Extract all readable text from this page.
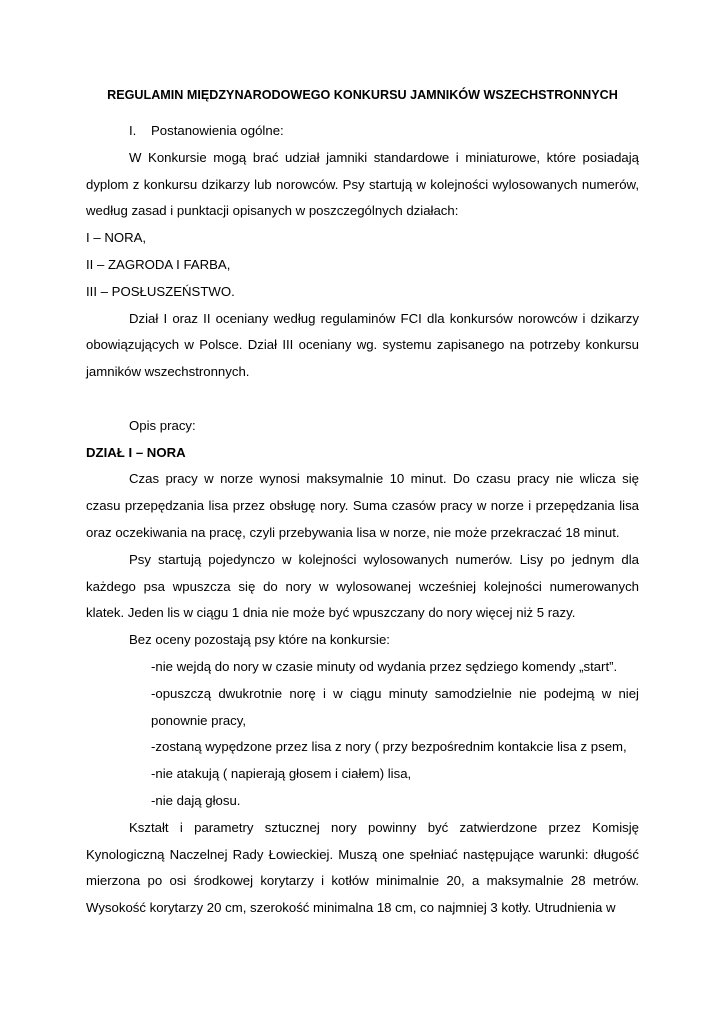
REGULAMIN MIĘDZYNARODOWEGO KONKURSU JAMNIKÓW WSZECHSTRONNYCH

I. Postanowienia ogólne:

W Konkursie mogą brać udział jamniki standardowe i miniaturowe, które posiadają dyplom z konkursu dzikarzy lub norowców. Psy startują w kolejności wylosowanych numerów, według zasad i punktacji opisanych w poszczególnych działach:

I – NORA,

II – ZAGRODA I FARBA,

III – POSŁUSZEŃSTWO.

Dział I oraz II oceniany według regulaminów FCI dla konkursów norowców i dzikarzy obowiązujących w Polsce. Dział III oceniany wg. systemu zapisanego na potrzeby konkursu jamników wszechstronnych.

Opis pracy:

DZIAŁ I – NORA

Czas pracy w norze wynosi maksymalnie 10 minut. Do czasu pracy nie wlicza się czasu przepędzania lisa przez obsługę nory. Suma czasów pracy w norze i przepędzania lisa oraz oczekiwania na pracę, czyli przebywania lisa w norze, nie może przekraczać 18 minut.

Psy startują pojedynczo w kolejności wylosowanych numerów. Lisy po jednym dla każdego psa wpuszcza się do nory w wylosowanej wcześniej kolejności numerowanych klatek. Jeden lis w ciągu 1 dnia nie może być wpuszczany do nory więcej niż 5 razy.

Bez oceny pozostają psy które na konkursie:

-nie wejdą do nory w czasie minuty od wydania przez sędziego komendy „start”.

-opuszczą dwukrotnie norę i w ciągu minuty samodzielnie nie podejmą w niej ponownie pracy,

-zostaną wypędzone przez lisa z nory ( przy bezpośrednim kontakcie lisa z psem,

-nie atakują ( napierają głosem i ciałem) lisa,

-nie dają głosu.

Kształt i parametry sztucznej nory powinny być zatwierdzone przez Komisję Kynologiczną Naczelnej Rady Łowieckiej. Muszą one spełniać następujące warunki: długość mierzona po osi środkowej korytarzy i kotłów minimalnie 20, a maksymalnie 28 metrów. Wysokość korytarzy 20 cm, szerokość minimalna 18 cm, co najmniej 3 kotły. Utrudnienia w
